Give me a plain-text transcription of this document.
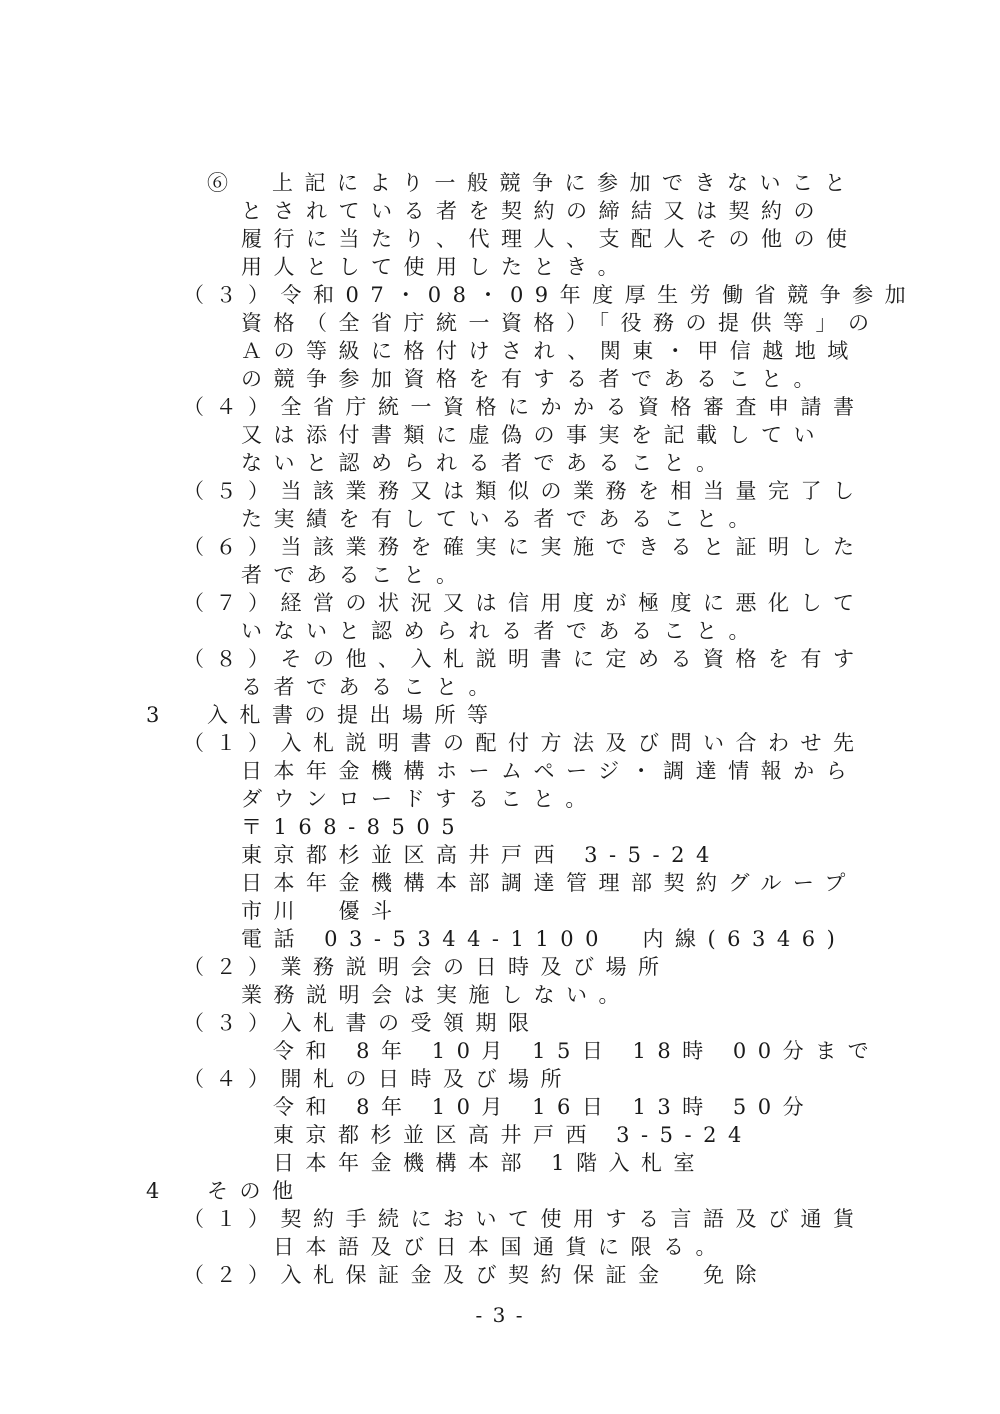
⑥　上記により一般競争に参加できないこと
とされている者を契約の締結又は契約の
履行に当たり、代理人、支配人その他の使
用人として使用したとき。
（３）令和07・08・09年度厚生労働省競争参加
資格（全省庁統一資格）「役務の提供等」の
Ａの等級に格付けされ、関東・甲信越地域
の競争参加資格を有する者であること。
（４）全省庁統一資格にかかる資格審査申請書
又は添付書類に虚偽の事実を記載してい
ないと認められる者であること。
（５）当該業務又は類似の業務を相当量完了し
た実績を有している者であること。
（６）当該業務を確実に実施できると証明した
者であること。
（７）経営の状況又は信用度が極度に悪化して
いないと認められる者であること。
（８）その他、入札説明書に定める資格を有す
る者であること。
3 入札書の提出場所等
（１）入札説明書の配付方法及び問い合わせ先
日本年金機構ホームページ・調達情報から
ダウンロードすること。
〒168-8505
東京都杉並区高井戸西 3-5-24
日本年金機構本部調達管理部契約グループ
市川　優斗
電話 03-5344-1100　内線(6346)
（２）業務説明会の日時及び場所
業務説明会は実施しない。
（３）入札書の受領期限
令和 8年 10月 15日 18時 00分まで
（４）開札の日時及び場所
令和 8年 10月 16日 13時 50分
東京都杉並区高井戸西 3-5-24
日本年金機構本部 1階入札室
4 その他
（１）契約手続において使用する言語及び通貨
日本語及び日本国通貨に限る。
（２）入札保証金及び契約保証金　免除
- 3 -
